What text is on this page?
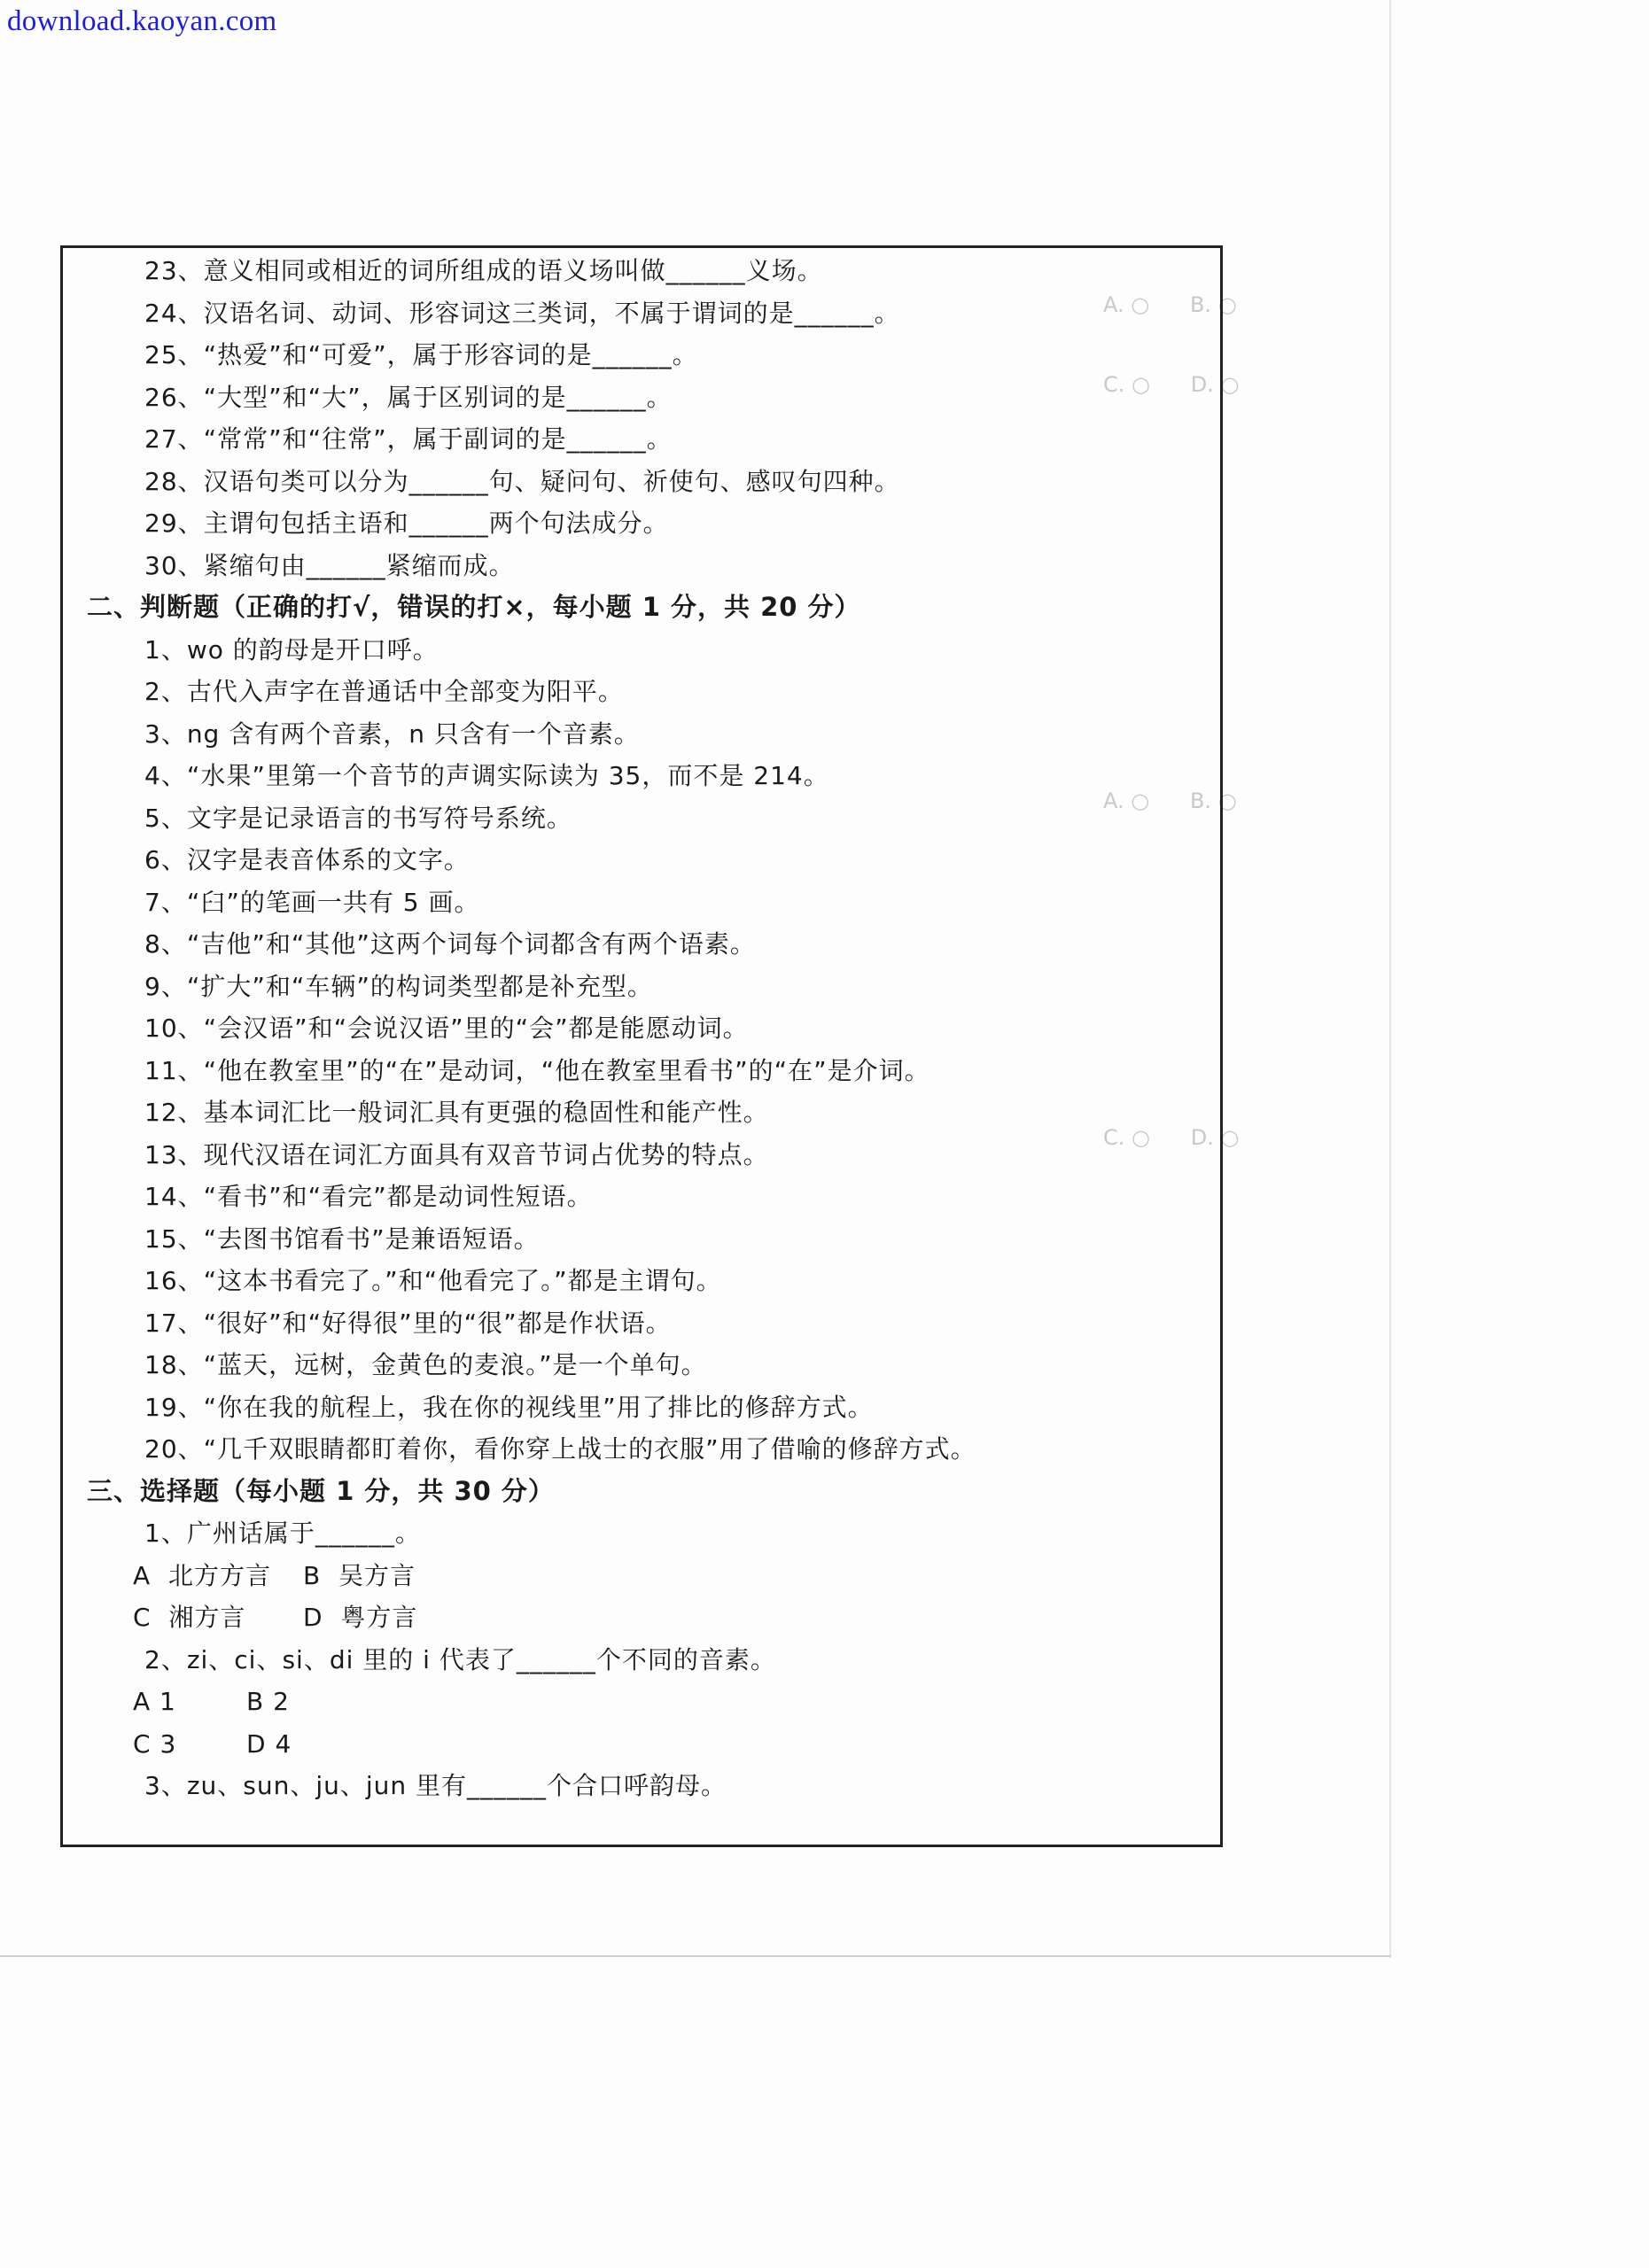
download.kaoyan.com
A. ○      B. ○
C. ○      D. ○
A. ○      B. ○
C. ○      D. ○
23、意义相同或相近的词所组成的语义场叫做______义场。
24、汉语名词、动词、形容词这三类词，不属于谓词的是______。
25、“热爱”和“可爱”，属于形容词的是______。
26、“大型”和“大”，属于区别词的是______。
27、“常常”和“往常”，属于副词的是______。
28、汉语句类可以分为______句、疑问句、祈使句、感叹句四种。
29、主谓句包括主语和______两个句法成分。
30、紧缩句由______紧缩而成。
二、判断题（正确的打√，错误的打×，每小题 1 分，共 20 分）
1、wo 的韵母是开口呼。
2、古代入声字在普通话中全部变为阳平。
3、ng 含有两个音素，n 只含有一个音素。
4、“水果”里第一个音节的声调实际读为 35，而不是 214。
5、文字是记录语言的书写符号系统。
6、汉字是表音体系的文字。
7、“臼”的笔画一共有 5 画。
8、“吉他”和“其他”这两个词每个词都含有两个语素。
9、“扩大”和“车辆”的构词类型都是补充型。
10、“会汉语”和“会说汉语”里的“会”都是能愿动词。
11、“他在教室里”的“在”是动词，“他在教室里看书”的“在”是介词。
12、基本词汇比一般词汇具有更强的稳固性和能产性。
13、现代汉语在词汇方面具有双音节词占优势的特点。
14、“看书”和“看完”都是动词性短语。
15、“去图书馆看书”是兼语短语。
16、“这本书看完了。”和“他看完了。”都是主谓句。
17、“很好”和“好得很”里的“很”都是作状语。
18、“蓝天，远树，金黄色的麦浪。”是一个单句。
19、“你在我的航程上，我在你的视线里”用了排比的修辞方式。
20、“几千双眼睛都盯着你，看你穿上战士的衣服”用了借喻的修辞方式。
三、选择题（每小题 1 分，共 30 分）
1、广州话属于______。
A  北方方言 B  吴方言
C  湘方言 D  粤方言
2、zi、ci、si、di 里的 i 代表了______个不同的音素。
A 1	B 2
C 3	D 4
3、zu、sun、ju、jun 里有______个合口呼韵母。
